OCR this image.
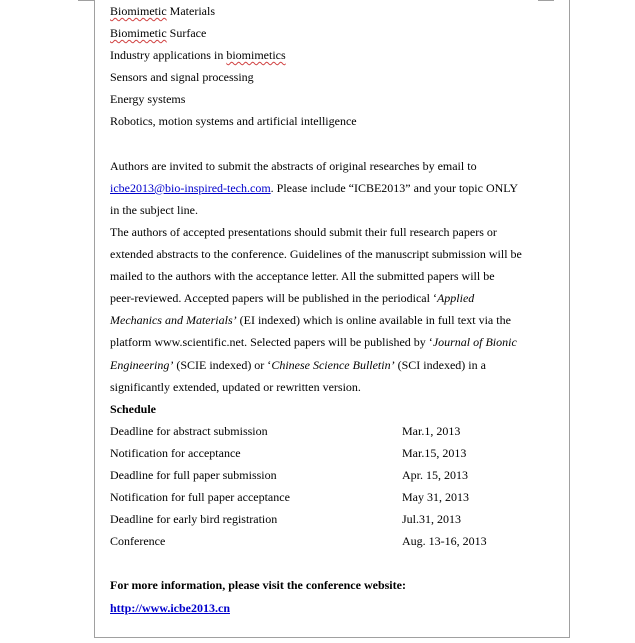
Biomimetic Materials
Biomimetic Surface
Industry applications in biomimetics
Sensors and signal processing
Energy systems
Robotics, motion systems and artificial intelligence
Authors are invited to submit the abstracts of original researches by email to
icbe2013@bio-inspired-tech.com. Please include “ICBE2013” and your topic ONLY
in the subject line.
The authors of accepted presentations should submit their full research papers or
extended abstracts to the conference. Guidelines of the manuscript submission will be
mailed to the authors with the acceptance letter. All the submitted papers will be
peer-reviewed. Accepted papers will be published in the periodical ‘Applied
Mechanics and Materials’ (EI indexed) which is online available in full text via the
platform www.scientific.net. Selected papers will be published by ‘Journal of Bionic
Engineering’ (SCIE indexed) or ‘Chinese Science Bulletin’ (SCI indexed) in a
significantly extended, updated or rewritten version.
Schedule
Deadline for abstract submission	Mar.1, 2013
Notification for acceptance	Mar.15, 2013
Deadline for full paper submission	Apr. 15, 2013
Notification for full paper acceptance	May 31, 2013
Deadline for early bird registration	Jul.31, 2013
Conference	Aug. 13-16, 2013
For more information, please visit the conference website:
http://www.icbe2013.cn
